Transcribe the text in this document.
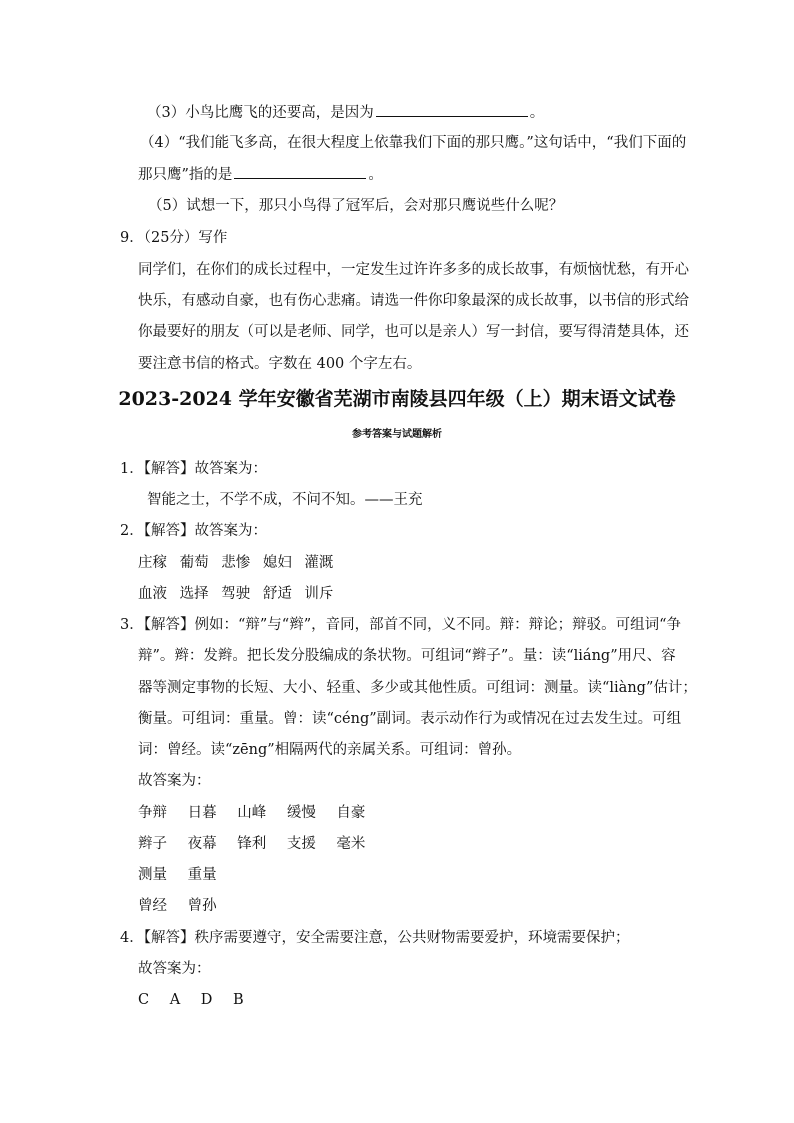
（3）小鸟比鹰飞的还要高，是因为	。
（4）“我们能飞多高，在很大程度上依靠我们下面的那只鹰。”这句话中，“我们下面的
那只鹰”指的是	。
（5）试想一下，那只小鸟得了冠军后，会对那只鹰说些什么呢？
9．（25分）写作
同学们，在你们的成长过程中，一定发生过许许多多的成长故事，有烦恼忧愁，有开心
快乐，有感动自豪，也有伤心悲痛。请选一件你印象最深的成长故事，以书信的形式给
你最要好的朋友（可以是老师、同学，也可以是亲人）写一封信，要写得清楚具体，还
要注意书信的格式。字数在 400 个字左右。
2023-2024 学年安徽省芜湖市南陵县四年级（上）期末语文试卷
参考答案与试题解析
1．【解答】故答案为：
智能之士，不学不成，不问不知。——王充
2．【解答】故答案为：
庄稼 葡萄 悲惨 媳妇 灌溉
血液 选择 驾驶 舒适 训斥
3．【解答】例如：“辩”与“辫”，音同，部首不同，义不同。辩：辩论；辩驳。可组词“争
辩”。辫：发辫。把长发分股编成的条状物。可组词“辫子”。量：读“liáng”用尺、容
器等测定事物的长短、大小、轻重、多少或其他性质。可组词：测量。读“liàng”估计；
衡量。可组词：重量。曾：读“céng”副词。表示动作行为或情况在过去发生过。可组
词：曾经。读“zēng”相隔两代的亲属关系。可组词：曾孙。
故答案为：
争辩 日暮 山峰 缓慢 自豪
辫子 夜幕 锋利 支援 毫米
测量 重量
曾经 曾孙
4．【解答】秩序需要遵守，安全需要注意，公共财物需要爱护，环境需要保护；
故答案为：
C A D B
